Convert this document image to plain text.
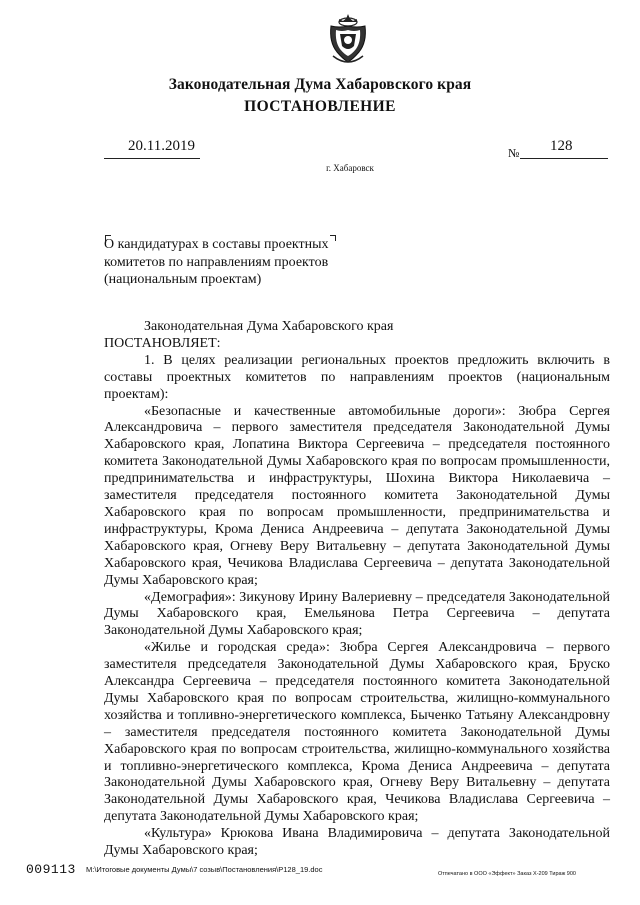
Законодательная Дума Хабаровского края
ПОСТАНОВЛЕНИЕ
20.11.2019
г. Хабаровск
№ 128
О кандидатурах в составы проектных
комитетов по направлениям проектов
(национальным проектам)

Законодательная Дума Хабаровского края

ПОСТАНОВЛЯЕТ:

1. В целях реализации региональных проектов предложить включить в составы проектных комитетов по направлениям проектов (национальным проектам):

«Безопасные и качественные автомобильные дороги»: Зюбра Сергея Александровича – первого заместителя председателя Законодательной Думы Хабаровского края, Лопатина Виктора Сергеевича – председателя постоянного комитета Законодательной Думы Хабаровского края по вопросам промышленности, предпринимательства и инфраструктуры, Шохина Виктора Николаевича – заместителя председателя постоянного комитета Законодательной Думы Хабаровского края по вопросам промышленности, предпринимательства и инфраструктуры, Крома Дениса Андреевича – депутата Законодательной Думы Хабаровского края, Огневу Веру Витальевну – депутата Законодательной Думы Хабаровского края, Чечикова Владислава Сергеевича – депутата Законодательной Думы Хабаровского края;

«Демография»: Зикунову Ирину Валериевну – председателя Законодательной Думы Хабаровского края, Емельянова Петра Сергеевича – депутата Законодательной Думы Хабаровского края;

«Жилье и городская среда»: Зюбра Сергея Александровича – первого заместителя председателя Законодательной Думы Хабаровского края, Бруско Александра Сергеевича – председателя постоянного комитета Законодательной Думы Хабаровского края по вопросам строительства, жилищно-коммунального хозяйства и топливно-энергетического комплекса, Быченко Татьяну Александровну – заместителя председателя постоянного комитета Законодательной Думы Хабаровского края по вопросам строительства, жилищно-коммунального хозяйства и топливно-энергетического комплекса, Крома Дениса Андреевича – депутата Законодательной Думы Хабаровского края, Огневу Веру Витальевну – депутата Законодательной Думы Хабаровского края, Чечикова Владислава Сергеевича – депутата Законодательной Думы Хабаровского края;

«Культура» Крюкова Ивана Владимировича – депутата Законодательной Думы Хабаровского края;

009113 M:\Итоговые документы Думы\7 созыв\Постановления\P128_19.doc	Отпечатано в ООО «Эффект» Заказ Х-209 Тираж 900
